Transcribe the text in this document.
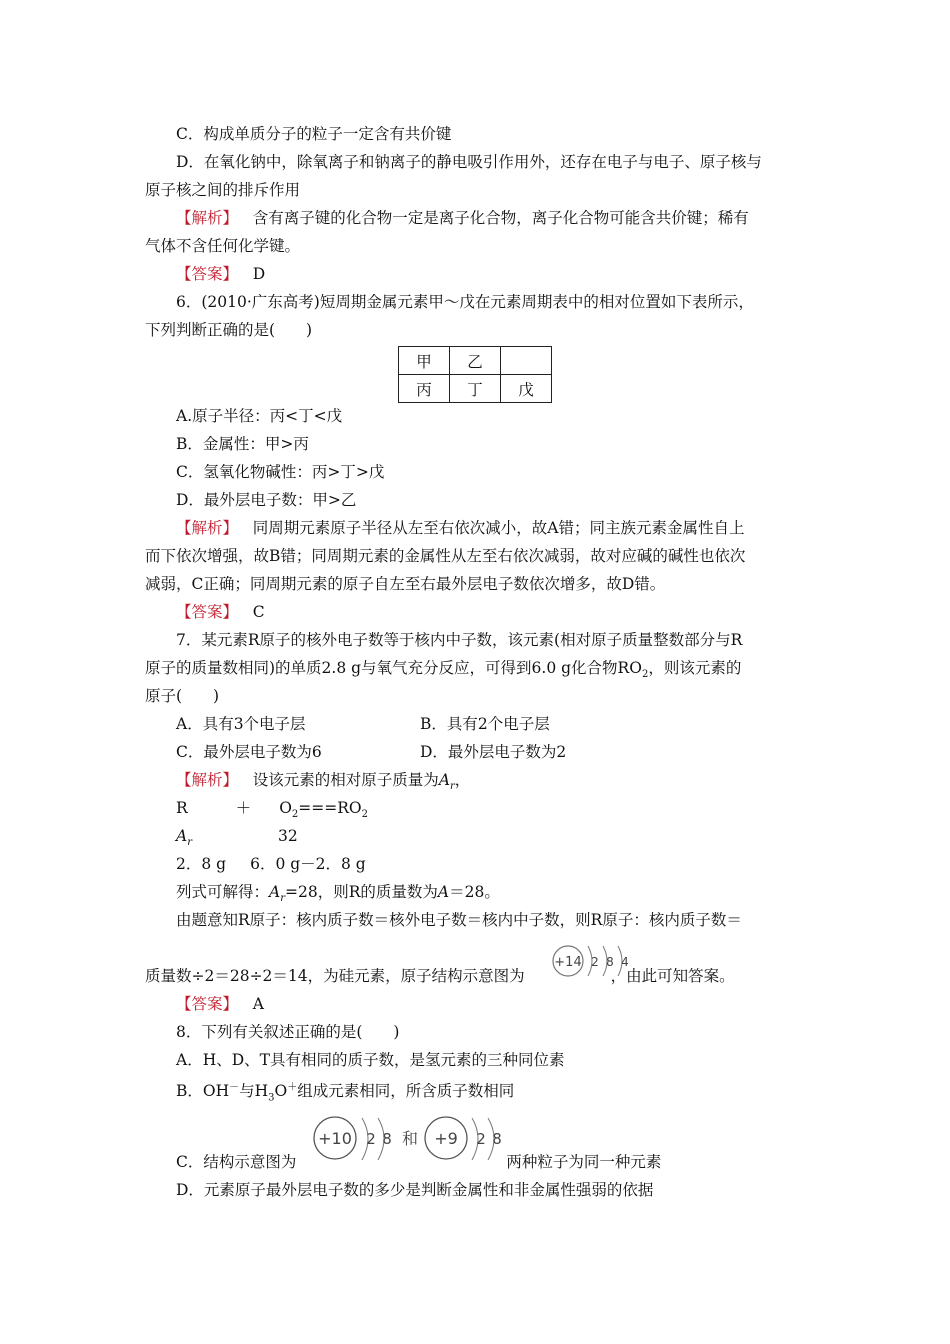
C．构成单质分子的粒子一定含有共价键
D．在氧化钠中，除氧离子和钠离子的静电吸引作用外，还存在电子与电子、原子核与
原子核之间的排斥作用
【解析】 含有离子键的化合物一定是离子化合物，离子化合物可能含共价键；稀有
气体不含任何化学键。
【答案】 D
6．(2010·广东高考)短周期金属元素甲～戊在元素周期表中的相对位置如下表所示，
下列判断正确的是(　　)
甲	乙	
丙	丁	戊
A.原子半径：丙<丁<戊
B．金属性：甲>丙
C．氢氧化物碱性：丙>丁>戊
D．最外层电子数：甲>乙
【解析】 同周期元素原子半径从左至右依次减小，故A错；同主族元素金属性自上
而下依次增强，故B错；同周期元素的金属性从左至右依次减弱，故对应碱的碱性也依次
减弱，C正确；同周期元素的原子自左至右最外层电子数依次增多，故D错。
【答案】 C
7．某元素R原子的核外电子数等于核内中子数，该元素(相对原子质量整数部分与R
原子的质量数相同)的单质2.8 g与氧气充分反应，可得到6.0 g化合物$RO_2$，则该元素的
原子(　　)
A．具有3个电子层	B．具有2个电子层
C．最外层电子数为6	D．最外层电子数为2
【解析】 设该元素的相对原子质量为$A_r$，
R	＋ $O_2===RO_2$
$A_r$	32
2．8 g 6．0 g－2．8 g
列式可解得：$A_r=28$，则R的质量数为A＝28。
由题意知R原子：核内质子数＝核外电子数＝核内中子数，则R原子：核内质子数＝
质量数÷2＝28÷2＝14，为硅元素，原子结构示意图为	，由此可知答案。
+14 2 8 4
【答案】 A
8．下列有关叙述正确的是(　　)
A．H、D、T具有相同的质子数，是氢元素的三种同位素
B．OH－与$H_3O^+$组成元素相同，所含质子数相同
+10 2 8 和 +9 2 8
C．结构示意图为	两种粒子为同一种元素
D．元素原子最外层电子数的多少是判断金属性和非金属性强弱的依据
